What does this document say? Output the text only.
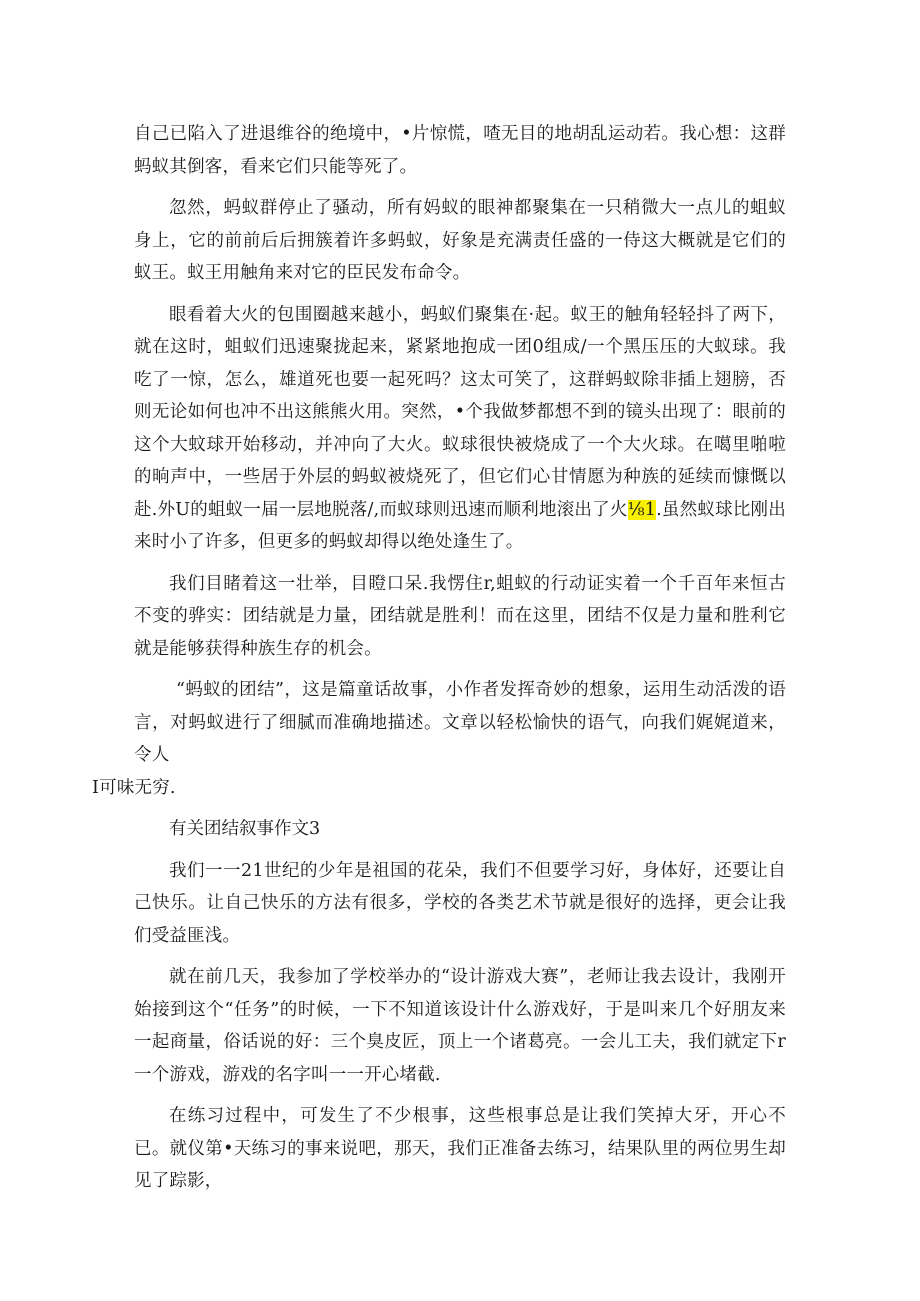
自己已陷入了进退维谷的绝境中，•片惊慌，喳无目的地胡乱运动若。我心想：这群蚂蚁其倒客，看来它们只能等死了。

忽然，蚂蚁群停止了骚动，所有妈蚁的眼神都聚集在一只稍微大一点儿的蛆蚁身上，它的前前后后拥簇着许多蚂蚁，好象是充满责任盛的一侍这大概就是它们的蚁王。蚁王用触角来对它的臣民发布命令。

眼看着大火的包围圈越来越小，蚂蚁们聚集在·起。蚁王的触角轻轻抖了两下，就在这时，蛆蚁们迅速聚拢起来，紧紧地抱成一团0组成/一个黑压压的大蚁球。我吃了一惊，怎么，雄道死也要一起死吗？这太可笑了，这群蚂蚁除非插上翅膀，否则无论如何也冲不出这熊熊火用。突然，•个我做梦都想不到的镜头出现了：眼前的这个大蚊球开始移动，并冲向了大火。蚁球很快被烧成了一个大火球。在噶里啪啦的晌声中，一些居于外层的蚂蚁被烧死了，但它们心甘情愿为种族的延续而慷慨以赴.外U的蛆蚁一届一层地脱落/,而蚁球则迅速而顺利地滚出了火⅛1.虽然蚁球比刚出来时小了许多，但更多的蚂蚁却得以绝处逢生了。

我们目睹着这一壮举，目瞪口呆.我愣住r,蛆蚁的行动证实着一个千百年来恒古不变的骅实：团结就是力量，团结就是胜利！而在这里，团结不仅是力量和胜利它就是能够获得种族生存的机会。

“蚂蚁的团结”，这是篇童话故事，小作者发挥奇妙的想象，运用生动活泼的语言，对蚂蚁进行了细腻而准确地描述。文章以轻松愉快的语气，向我们娓娓道来，令人
I可味无穷.

有关团结叙事作文3

我们一一21世纪的少年是祖国的花朵，我们不但要学习好，身体好，还要让自己快乐。让自己快乐的方法有很多，学校的各类艺术节就是很好的选择，更会让我们受益匪浅。

就在前几天，我参加了学校举办的“设计游戏大赛”，老师让我去设计，我刚开始接到这个“任务”的时候，一下不知道该设计什么游戏好，于是叫来几个好朋友来一起商量，俗话说的好：三个臭皮匠，顶上一个诸葛亮。一会儿工夫，我们就定下r一个游戏，游戏的名字叫一一开心堵截.

在练习过程中，可发生了不少根事，这些根事总是让我们笑掉大牙，开心不已。就仪第•天练习的事来说吧，那天，我们正准备去练习，结果队里的两位男生却见了踪影，
